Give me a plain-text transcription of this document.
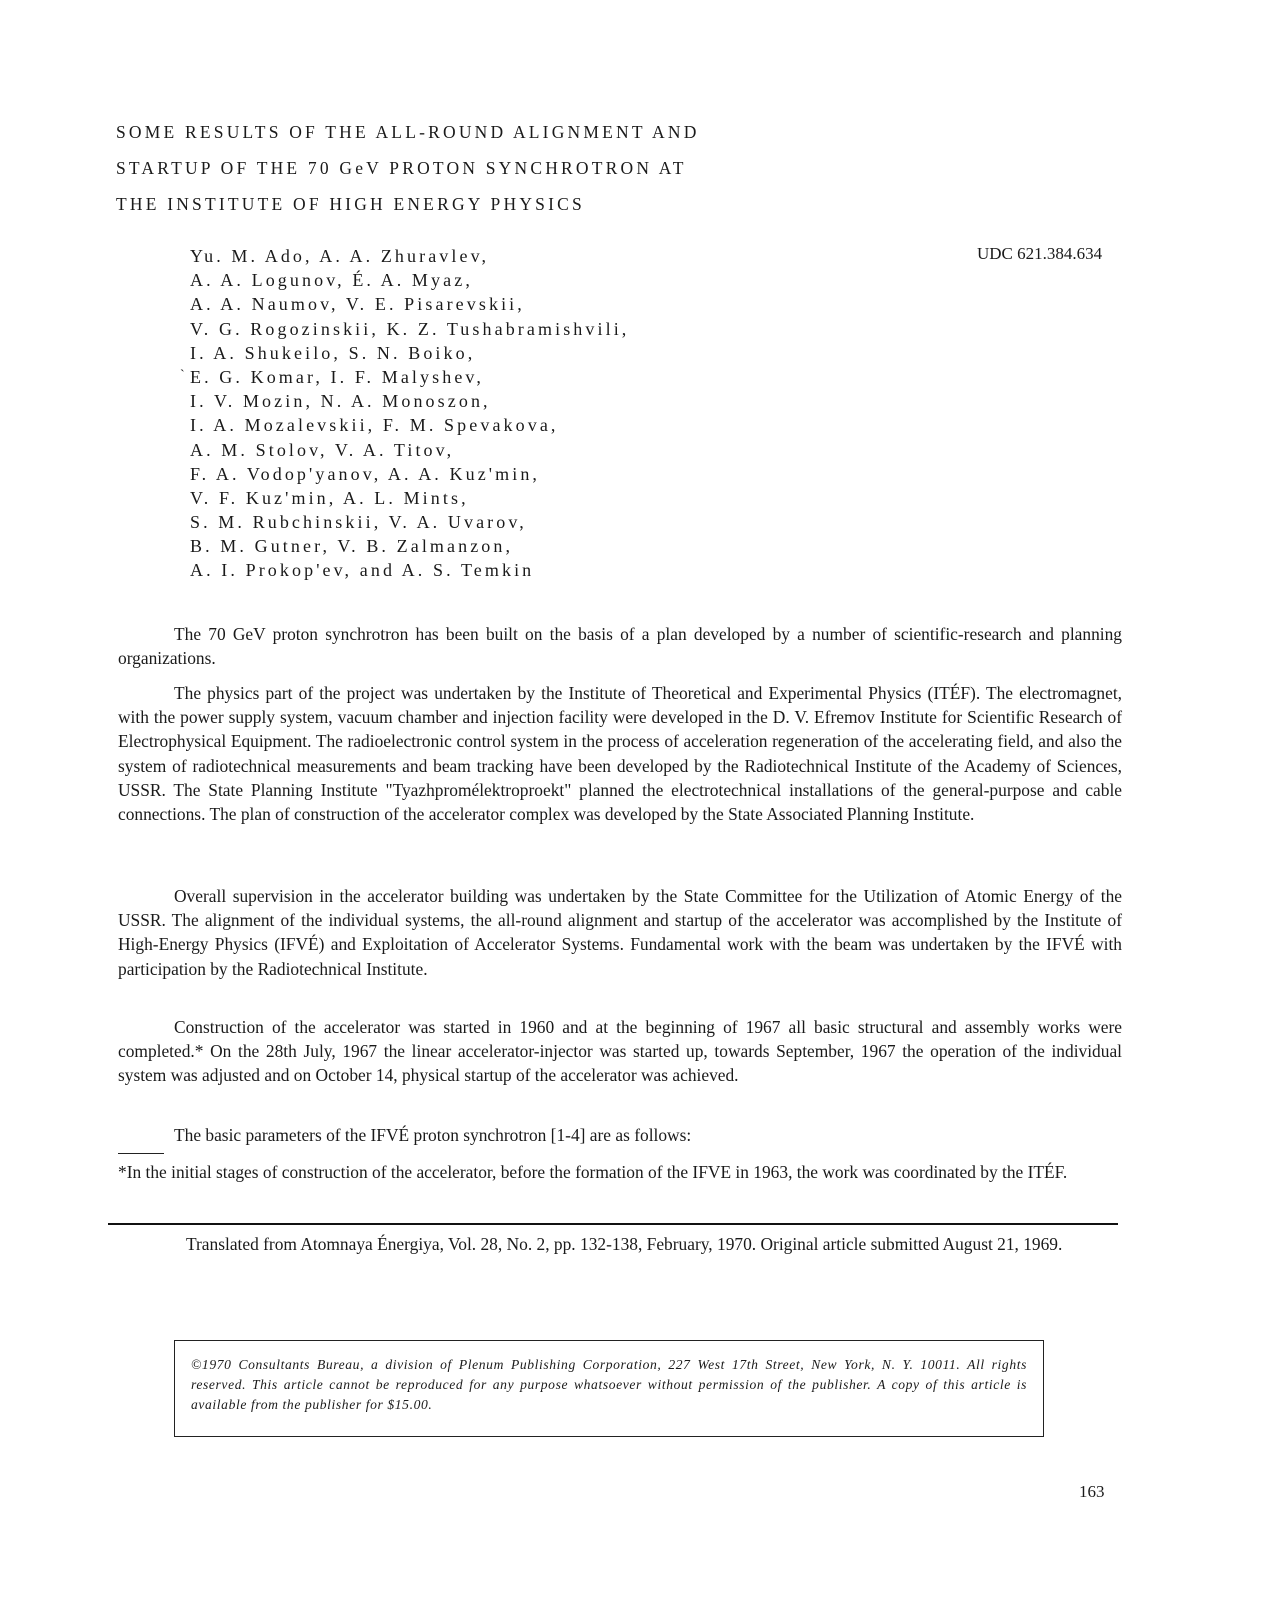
SOME RESULTS OF THE ALL-ROUND ALIGNMENT AND
STARTUP OF THE 70 GeV PROTON SYNCHROTRON AT
THE INSTITUTE OF HIGH ENERGY PHYSICS
UDC 621.384.634
`
Yu. M. Ado, A. A. Zhuravlev,
A. A. Logunov, É. A. Myaz,
A. A. Naumov, V. E. Pisarevskii,
V. G. Rogozinskii, K. Z. Tushabramishvili,
I. A. Shukeilo, S. N. Boiko,
E. G. Komar, I. F. Malyshev,
I. V. Mozin, N. A. Monoszon,
I. A. Mozalevskii, F. M. Spevakova,
A. M. Stolov, V. A. Titov,
F. A. Vodop'yanov, A. A. Kuz'min,
V. F. Kuz'min, A. L. Mints,
S. M. Rubchinskii, V. A. Uvarov,
B. M. Gutner, V. B. Zalmanzon,
A. I. Prokop'ev, and A. S. Temkin

The 70 GeV proton synchrotron has been built on the basis of a plan developed by a number of scientific-research and planning organizations.

The physics part of the project was undertaken by the Institute of Theoretical and Experimental Physics (ITÉF). The electromagnet, with the power supply system, vacuum chamber and injection facility were developed in the D. V. Efremov Institute for Scientific Research of Electrophysical Equipment. The radioelectronic control system in the process of acceleration regeneration of the accelerating field, and also the system of radiotechnical measurements and beam tracking have been developed by the Radiotechnical Institute of the Academy of Sciences, USSR. The State Planning Institute "Tyazhpromélektroproekt" planned the electrotechnical installations of the general-purpose and cable connections. The plan of construction of the accelerator complex was developed by the State Associated Planning Institute.

Overall supervision in the accelerator building was undertaken by the State Committee for the Utilization of Atomic Energy of the USSR. The alignment of the individual systems, the all-round alignment and startup of the accelerator was accomplished by the Institute of High-Energy Physics (IFVÉ) and Exploitation of Accelerator Systems. Fundamental work with the beam was undertaken by the IFVÉ with participation by the Radiotechnical Institute.

Construction of the accelerator was started in 1960 and at the beginning of 1967 all basic structural and assembly works were completed.* On the 28th July, 1967 the linear accelerator-injector was started up, towards September, 1967 the operation of the individual system was adjusted and on October 14, physical startup of the accelerator was achieved.

The basic parameters of the IFVÉ proton synchrotron [1-4] are as follows:

*In the initial stages of construction of the accelerator, before the formation of the IFVE in 1963, the work was coordinated by the ITÉF.

Translated from Atomnaya Énergiya, Vol. 28, No. 2, pp. 132-138, February, 1970. Original article submitted August 21, 1969.

©1970 Consultants Bureau, a division of Plenum Publishing Corporation, 227 West 17th Street, New York, N. Y. 10011. All rights reserved. This article cannot be reproduced for any purpose whatsoever without permission of the publisher. A copy of this article is available from the publisher for $15.00.

163
